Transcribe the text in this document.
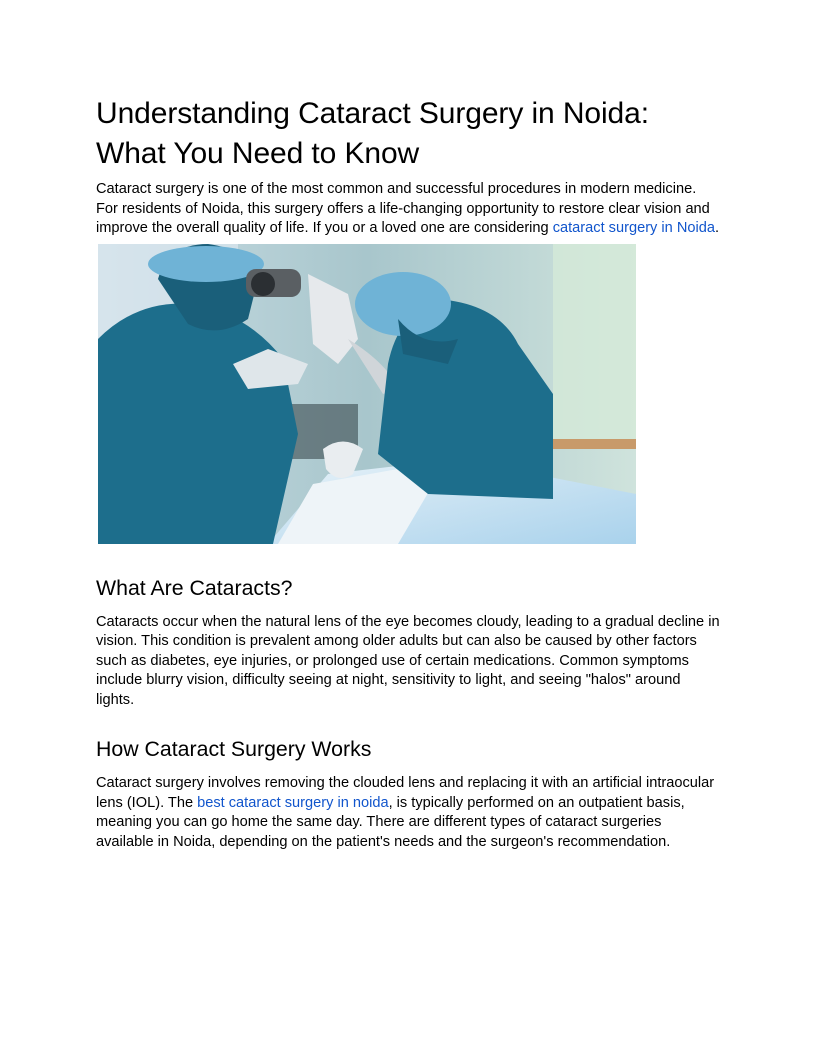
Understanding Cataract Surgery in Noida: What You Need to Know

Cataract surgery is one of the most common and successful procedures in modern medicine. For residents of Noida, this surgery offers a life-changing opportunity to restore clear vision and improve the overall quality of life. If you or a loved one are considering cataract surgery in Noida.

What Are Cataracts?

Cataracts occur when the natural lens of the eye becomes cloudy, leading to a gradual decline in vision. This condition is prevalent among older adults but can also be caused by other factors such as diabetes, eye injuries, or prolonged use of certain medications. Common symptoms include blurry vision, difficulty seeing at night, sensitivity to light, and seeing "halos" around lights.

How Cataract Surgery Works

Cataract surgery involves removing the clouded lens and replacing it with an artificial intraocular lens (IOL). The best cataract surgery in noida, is typically performed on an outpatient basis, meaning you can go home the same day. There are different types of cataract surgeries available in Noida, depending on the patient's needs and the surgeon's recommendation.
